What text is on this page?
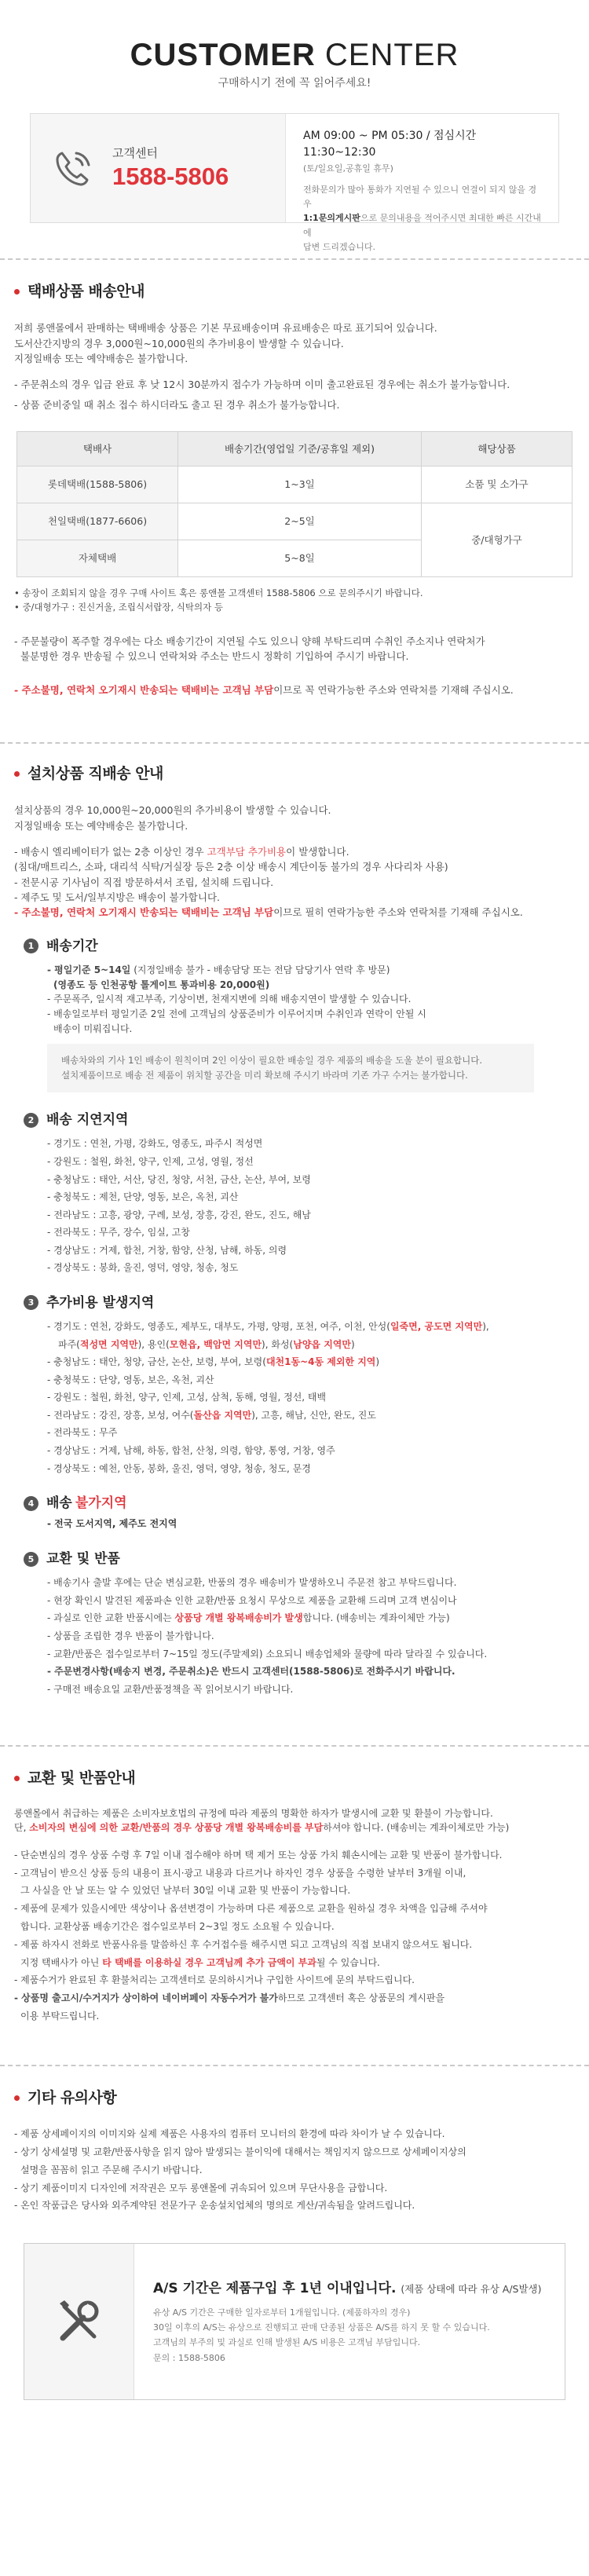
CUSTOMER CENTER
구매하시기 전에 꼭 읽어주세요!
고객센터
1588-5806
AM 09:00 ~ PM 05:30 / 점심시간 11:30~12:30
(토/일요일,공휴일 휴무)
전화문의가 많아 통화가 지연될 수 있으니 연결이 되지 않을 경우
1:1문의게시판으로 문의내용을 적어주시면 최대한 빠른 시간내에
답변 드리겠습니다.
택배상품 배송안내

저희 롱앤몰에서 판매하는 택배배송 상품은 기본 무료배송이며 유료배송은 따로 표기되어 있습니다.

도서산간지방의 경우 3,000원~10,000원의 추가비용이 발생할 수 있습니다.

지정일배송 또는 예약배송은 불가합니다.

- 주문취소의 경우 입금 완료 후 낮 12시 30분까지 접수가 가능하며 이미 출고완료된 경우에는 취소가 불가능합니다.

- 상품 준비중일 때 취소 접수 하시더라도 출고 된 경우 취소가 불가능합니다.

택배사	배송기간(영업일 기준/공휴일 제외)	해당상품
롯데택배(1588-5806)	1~3일	소품 및 소가구
천일택배(1877-6606)	2~5일	중/대형가구
자체택배	5~8일	

• 송장이 조회되지 않을 경우 구매 사이트 혹은 롱앤몰 고객센터 1588-5806 으로 문의주시기 바랍니다.

• 중/대형가구 : 진신거울, 조립식서랍장, 식탁의자 등

- 주문불량이 폭주할 경우에는 다소 배송기간이 지연될 수도 있으니 양해 부탁드리며 수취인 주소지나 연락처가

불분명한 경우 반송될 수 있으니 연락처와 주소는 반드시 정확히 기입하여 주시기 바랍니다.

- 주소불명, 연락처 오기재시 반송되는 택배비는 고객님 부담이므로 꼭 연락가능한 주소와 연락처를 기재해 주십시오.

설치상품 직배송 안내

설치상품의 경우 10,000원~20,000원의 추가비용이 발생할 수 있습니다.

지정일배송 또는 예약배송은 불가합니다.

- 배송시 엘리베이터가 없는 2층 이상인 경우 고객부담 추가비용이 발생합니다.

(침대/매트리스, 소파, 대리석 식탁/거실장 등은 2층 이상 배송시 계단이동 불가의 경우 사다리차 사용)

- 전문시공 기사님이 직접 방문하셔서 조립, 설치해 드립니다.

- 제주도 및 도서/일부지방은 배송이 불가합니다.

- 주소불명, 연락처 오기재시 반송되는 택배비는 고객님 부담이므로 필히 연락가능한 주소와 연락처를 기재해 주십시오.

1 배송기간

- 평일기준 5~14일 (지정일배송 불가 - 배송담당 또는 전담 담당기사 연락 후 방문)

(영종도 등 인천공항 톨게이트 통과비용 20,000원)

- 주문폭주, 일시적 재고부족, 기상이변, 천재지변에 의해 배송지연이 발생할 수 있습니다.

- 배송일로부터 평일기준 2일 전에 고객님의 상품준비가 이루어지며 수취인과 연락이 안될 시

배송이 미뤄집니다.

배송차와의 기사 1인 배송이 원칙이며 2인 이상이 필요한 배송일 경우 제품의 배송을 도울 분이 필요합니다.
설치제품이므로 배송 전 제품이 위치할 공간을 미리 확보해 주시기 바라며 기존 가구 수거는 불가합니다.
2 배송 지연지역

- 경기도 : 연천, 가평, 강화도, 영종도, 파주시 적성면

- 강원도 : 철원, 화천, 양구, 인제, 고성, 영월, 정선

- 충청남도 : 태안, 서산, 당진, 청양, 서천, 금산, 논산, 부여, 보령

- 충청북도 : 제천, 단양, 영동, 보은, 옥천, 괴산

- 전라남도 : 고흥, 광양, 구례, 보성, 장흥, 강진, 완도, 진도, 해남

- 전라북도 : 무주, 장수, 임실, 고창

- 경상남도 : 거제, 합천, 거창, 함양, 산청, 남해, 하동, 의령

- 경상북도 : 봉화, 울진, 영덕, 영양, 청송, 청도

3 추가비용 발생지역

- 경기도 : 연천, 강화도, 영종도, 제부도, 대부도, 가평, 양평, 포천, 여주, 이천, 안성(일죽면, 공도면 지역만),

파주(적성면 지역만), 용인(모현읍, 백암면 지역만), 화성(남양읍 지역만)

- 충청남도 : 태안, 청양, 금산, 논산, 보령, 부여, 보령(대천1동~4동 제외한 지역)

- 충청북도 : 단양, 영동, 보은, 옥천, 괴산

- 강원도 : 철원, 화천, 양구, 인제, 고성, 삼척, 동해, 영월, 정선, 태백

- 전라남도 : 강진, 장흥, 보성, 여수(돌산읍 지역만), 고흥, 해남, 신안, 완도, 진도

- 전라북도 : 무주

- 경상남도 : 거제, 남해, 하동, 합천, 산청, 의령, 함양, 통영, 거창, 영주

- 경상북도 : 예천, 안동, 봉화, 울진, 영덕, 영양, 청송, 청도, 문경

4 배송 불가지역

- 전국 도서지역, 제주도 전지역

5 교환 및 반품

- 배송기사 출발 후에는 단순 변심교환, 반품의 경우 배송비가 발생하오니 주문전 참고 부탁드립니다.

- 현장 확인시 발견된 제품파손 인한 교환/반품 요청시 무상으로 제품을 교환해 드리며 고객 변심이나

- 과실로 인한 교환 반품시에는 상품당 개별 왕복배송비가 발생합니다. (배송비는 계좌이체만 가능)

- 상품을 조립한 경우 반품이 불가합니다.

- 교환/반품은 접수일로부터 7~15일 정도(주말제외) 소요되니 배송업체와 물량에 따라 달라질 수 있습니다.

- 주문변경사항(배송지 변경, 주문취소)은 반드시 고객센터(1588-5806)로 전화주시기 바랍니다.

- 구매전 배송요일 교환/반품정책을 꼭 읽어보시기 바랍니다.

교환 및 반품안내

롱앤몰에서 취급하는 제품은 소비자보호법의 규정에 따라 제품의 명확한 하자가 발생시에 교환 및 환불이 가능합니다.

단, 소비자의 변심에 의한 교환/반품의 경우 상품당 개별 왕복배송비를 부담하셔야 합니다. (배송비는 계좌이체로만 가능)

- 단순변심의 경우 상품 수령 후 7일 이내 접수해야 하며 택 제거 또는 상품 가치 훼손시에는 교환 및 반품이 불가합니다.

- 고객님이 받으신 상품 등의 내용이 표시·광고 내용과 다르거나 하자인 경우 상품을 수령한 날부터 3개월 이내,

그 사실을 안 날 또는 알 수 있었던 날부터 30일 이내 교환 및 반품이 가능합니다.

- 제품에 문제가 있을시에만 색상이나 옵션변경이 가능하며 다른 제품으로 교환을 원하실 경우 차액을 입금해 주셔야

합니다. 교환상품 배송기간은 접수일로부터 2~3일 정도 소요될 수 있습니다.

- 제품 하자시 전화로 반품사유를 말씀하신 후 수거접수를 해주시면 되고 고객님의 직접 보내지 않으셔도 됩니다.

지정 택배사가 아닌 타 택배를 이용하실 경우 고객님께 추가 금액이 부과될 수 있습니다.

- 제품수거가 완료된 후 환불처리는 고객센터로 문의하시거나 구입한 사이트에 문의 부탁드립니다.

- 상품명 출고시/수거지가 상이하여 네이버페이 자동수거가 불가하므로 고객센터 혹은 상품문의 게시판을

이용 부탁드립니다.

기타 유의사항

- 제품 상세페이지의 이미지와 실제 제품은 사용자의 컴퓨터 모니터의 환경에 따라 차이가 날 수 있습니다.

- 상기 상세설명 및 교환/반품사항을 읽지 않아 발생되는 불이익에 대해서는 책임지지 않으므로 상세페이지상의

설명을 꼼꼼히 읽고 주문해 주시기 바랍니다.

- 상기 제품이미지 디자인에 저작권은 모두 롱앤몰에 귀속되어 있으며 무단사용을 금합니다.

- 온인 작품급은 당사와 외주계약된 전문가구 운송설치업체의 명의로 게산/귀속됨을 알려드립니다.

A/S 기간은 제품구입 후 1년 이내입니다. (제품 상태에 따라 유상 A/S발생)

유상 A/S 기간은 구매한 일자로부터 1개월입니다. (제품하자의 경우)

30일 이후의 A/S는 유상으로 진행되고 판매 단종된 상품은 A/S를 하지 못 할 수 있습니다.

고객님의 부주의 및 과실로 인해 발생된 A/S 비용은 고객님 부담입니다.

문의 : 1588-5806
